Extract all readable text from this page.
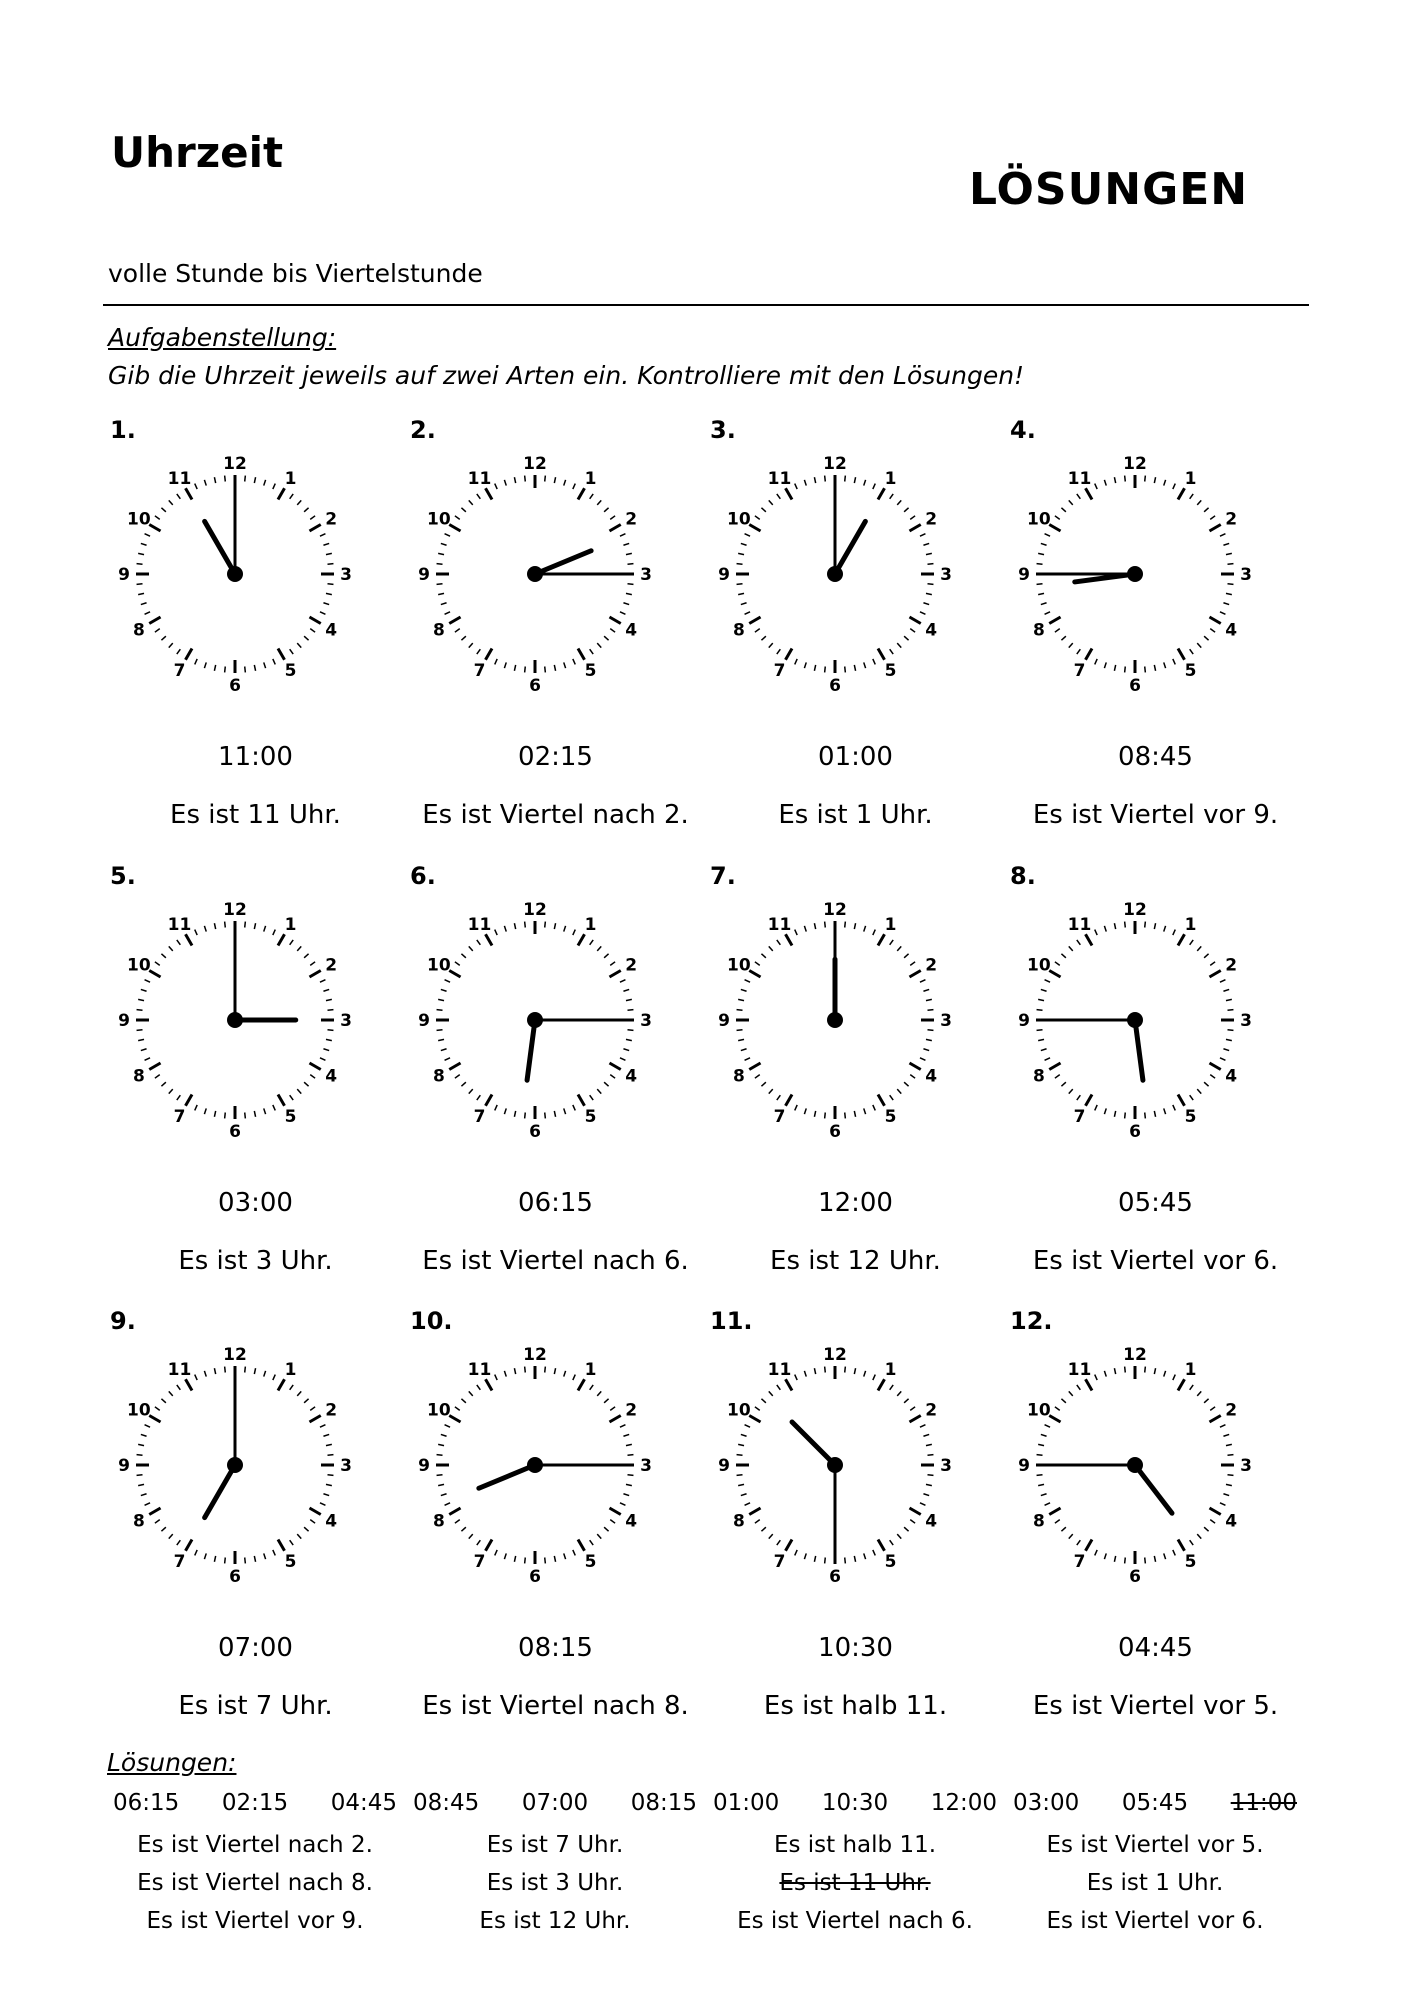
Uhrzeit
LÖSUNGEN
volle Stunde bis Viertelstunde
Aufgabenstellung:
Gib die Uhrzeit jeweils auf zwei Arten ein. Kontrolliere mit den Lösungen!
1.
12
1
2
3
4
5
6
7
8
9
10
11
11:00
Es ist 11 Uhr.
2.
12
1
2
3
4
5
6
7
8
9
10
11
02:15
Es ist Viertel nach 2.
3.
12
1
2
3
4
5
6
7
8
9
10
11
01:00
Es ist 1 Uhr.
4.
12
1
2
3
4
5
6
7
8
9
10
11
08:45
Es ist Viertel vor 9.
5.
12
1
2
3
4
5
6
7
8
9
10
11
03:00
Es ist 3 Uhr.
6.
12
1
2
3
4
5
6
7
8
9
10
11
06:15
Es ist Viertel nach 6.
7.
12
1
2
3
4
5
6
7
8
9
10
11
12:00
Es ist 12 Uhr.
8.
12
1
2
3
4
5
6
7
8
9
10
11
05:45
Es ist Viertel vor 6.
9.
12
1
2
3
4
5
6
7
8
9
10
11
07:00
Es ist 7 Uhr.
10.
12
1
2
3
4
5
6
7
8
9
10
11
08:15
Es ist Viertel nach 8.
11.
12
1
2
3
4
5
6
7
8
9
10
11
10:30
Es ist halb 11.
12.
12
1
2
3
4
5
6
7
8
9
10
11
04:45
Es ist Viertel vor 5.
Lösungen:
06:15 02:15 04:45
Es ist Viertel nach 2.
Es ist Viertel nach 8.
Es ist Viertel vor 9.
08:45 07:00 08:15
Es ist 7 Uhr.
Es ist 3 Uhr.
Es ist 12 Uhr.
01:00 10:30 12:00
Es ist halb 11.
Es ist 11 Uhr.
Es ist Viertel nach 6.
03:00 05:45 11:00
Es ist Viertel vor 5.
Es ist 1 Uhr.
Es ist Viertel vor 6.
